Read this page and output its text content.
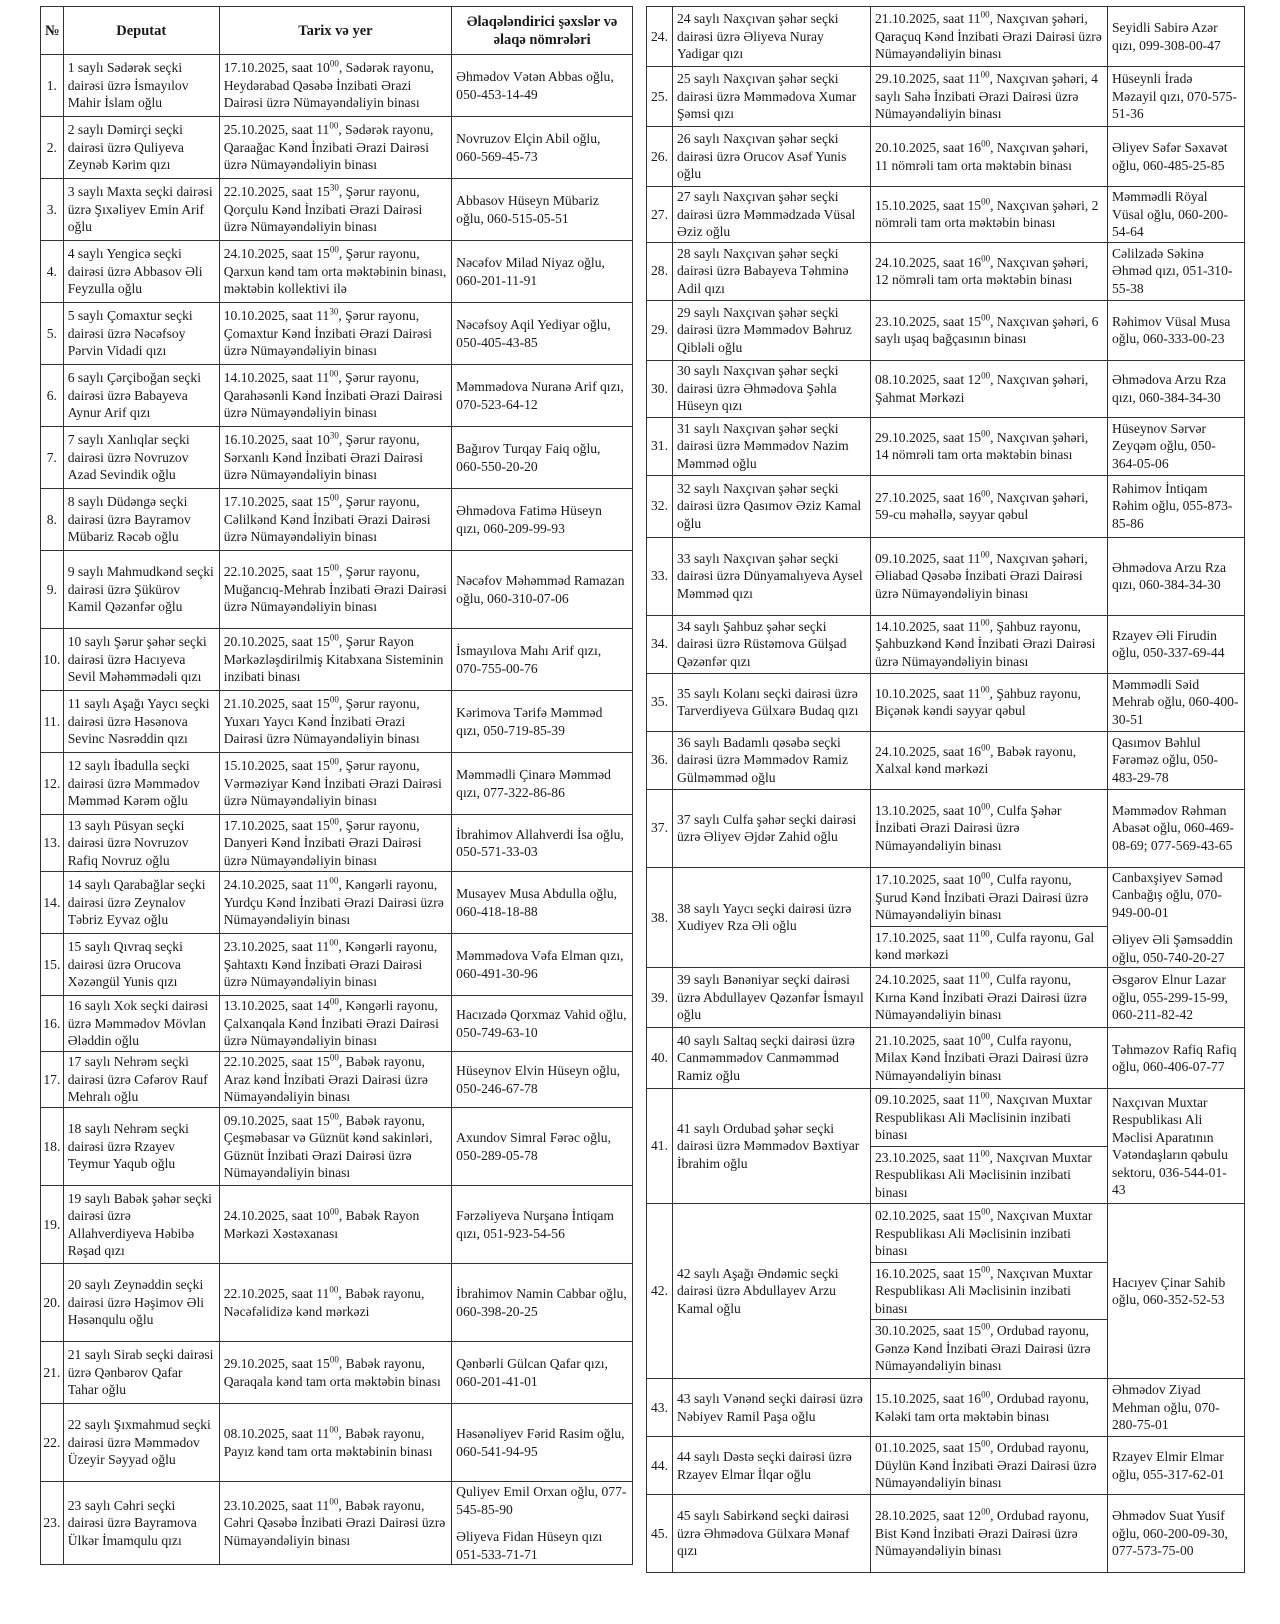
№	Deputat	Tarix və yer	Əlaqələndirici şəxslər və əlaqə nömrələri
1.	1 saylı Sədərək seçki dairəsi üzrə İsmayılov Mahir İslam oğlu	17.10.2025, saat $10^{00}$, Sədərək rayonu, Heydərabad Qəsəbə İnzibati Ərazi Dairəsi üzrə Nümayəndəliyin binası	Əhmədov Vətən Abbas oğlu, 050-453-14-49

2.	2 saylı Dəmirçi seçki dairəsi üzrə Quliyeva Zeynəb Kərim qızı	25.10.2025, saat $11^{00}$, Sədərək rayonu, Qaraağac Kənd İnzibati Ərazi Dairəsi üzrə Nümayəndəliyin binası	Novruzov Elçin Abil oğlu, 060-569-45-73

3.	3 saylı Maxta seçki dairəsi üzrə Şıxəliyev Emin Arif oğlu	22.10.2025, saat $15^{30}$, Şərur rayonu, Qorçulu Kənd İnzibati Ərazi Dairəsi üzrə Nümayəndəliyin binası	Abbasov Hüseyn Mübariz oğlu, 060-515-05-51

4.	4 saylı Yengicə seçki dairəsi üzrə Abbasov Əli Feyzulla oğlu	24.10.2025, saat $15^{00}$, Şərur rayonu, Qarxun kənd tam orta məktəbinin binası, məktəbin kollektivi ilə	Nəcəfov Milad Niyaz oğlu, 060-201-11-91

5.	5 saylı Çomaxtur seçki dairəsi üzrə Nəcəfsoy Pərvin Vidadi qızı	10.10.2025, saat $11^{30}$, Şərur rayonu, Çomaxtur Kənd İnzibati Ərazi Dairəsi üzrə Nümayəndəliyin binası	Nəcəfsoy Aqil Yediyar oğlu, 050-405-43-85

6.	6 saylı Çərçiboğan seçki dairəsi üzrə Babayeva Aynur Arif qızı	14.10.2025, saat $11^{00}$, Şərur rayonu, Qarahəsənli Kənd İnzibati Ərazi Dairəsi üzrə Nümayəndəliyin binası	Məmmədova Nuranə Arif qızı, 070-523-64-12

7.	7 saylı Xanlıqlar seçki dairəsi üzrə Novruzov Azad Sevindik oğlu	16.10.2025, saat $10^{30}$, Şərur rayonu, Sərxanlı Kənd İnzibati Ərazi Dairəsi üzrə Nümayəndəliyin binası	Bağırov Turqay Faiq oğlu, 060-550-20-20

8.	8 saylı Düdəngə seçki dairəsi üzrə Bayramov Mübariz Rəcəb oğlu	17.10.2025, saat $15^{00}$, Şərur rayonu, Cəlilkənd Kənd İnzibati Ərazi Dairəsi üzrə Nümayəndəliyin binası	Əhmədova Fatimə Hüseyn qızı, 060-209-99-93

9.	9 saylı Mahmudkənd seçki dairəsi üzrə Şükürov Kamil Qəzənfər oğlu	22.10.2025, saat $15^{00}$, Şərur rayonu, Muğancıq-Mehrab İnzibati Ərazi Dairəsi üzrə Nümayəndəliyin binası	Nəcəfov Məhəmməd Ramazan oğlu, 060-310-07-06

10.	10 saylı Şərur şəhər seçki dairəsi üzrə Hacıyeva Sevil Məhəmmədəli qızı	20.10.2025, saat $15^{00}$, Şərur Rayon Mərkəzləşdirilmiş Kitabxana Sisteminin inzibati binası	İsmayılova Mahı Arif qızı, 070-755-00-76

11.	11 saylı Aşağı Yaycı seçki dairəsi üzrə Həsənova Sevinc Nəsrəddin qızı	21.10.2025, saat $15^{00}$, Şərur rayonu, Yuxarı Yaycı Kənd İnzibati Ərazi Dairəsi üzrə Nümayəndəliyin binası	Kərimova Tərifə Məmməd qızı, 050-719-85-39

12.	12 saylı İbadulla seçki dairəsi üzrə Məmmədov Məmməd Kərəm oğlu	15.10.2025, saat $15^{00}$, Şərur rayonu, Vərməziyar Kənd İnzibati Ərazi Dairəsi üzrə Nümayəndəliyin binası	Məmmədli Çinarə Məmməd qızı, 077-322-86-86

13.	13 saylı Püsyan seçki dairəsi üzrə Novruzov Rafiq Novruz oğlu	17.10.2025, saat $15^{00}$, Şərur rayonu, Danyeri Kənd İnzibati Ərazi Dairəsi üzrə Nümayəndəliyin binası	İbrahimov Allahverdi İsa oğlu, 050-571-33-03

14.	14 saylı Qarabağlar seçki dairəsi üzrə Zeynalov Təbriz Eyvaz oğlu	24.10.2025, saat $11^{00}$, Kəngərli rayonu, Yurdçu Kənd İnzibati Ərazi Dairəsi üzrə Nümayəndəliyin binası	Musayev Musa Abdulla oğlu, 060-418-18-88

15.	15 saylı Qıvraq seçki dairəsi üzrə Orucova Xəzəngül Yunis qızı	23.10.2025, saat $11^{00}$, Kəngərli rayonu, Şahtaxtı Kənd İnzibati Ərazi Dairəsi üzrə Nümayəndəliyin binası	Məmmədova Vəfa Elman qızı, 060-491-30-96

16.	16 saylı Xok seçki dairəsi üzrə Məmmədov Mövlan Ələddin oğlu	13.10.2025, saat $14^{00}$, Kəngərli rayonu, Çalxanqala Kənd İnzibati Ərazi Dairəsi üzrə Nümayəndəliyin binası	Hacızadə Qorxmaz Vahid oğlu, 050-749-63-10

17.	17 saylı Nehrəm seçki dairəsi üzrə Cəfərov Rauf Mehralı oğlu	22.10.2025, saat $15^{00}$, Babək rayonu, Araz kənd İnzibati Ərazi Dairəsi üzrə Nümayəndəliyin binası	Hüseynov Elvin Hüseyn oğlu, 050-246-67-78

18.	18 saylı Nehrəm seçki dairəsi üzrə Rzayev Teymur Yaqub oğlu	09.10.2025, saat $15^{00}$, Babək rayonu, Çeşməbasar və Güznüt kənd sakinləri, Güznüt İnzibati Ərazi Dairəsi üzrə Nümayəndəliyin binası	Axundov Simral Fərəc oğlu, 050-289-05-78

19.	19 saylı Babək şəhər seçki dairəsi üzrə Allahverdiyeva Həbibə Rəşad qızı	24.10.2025, saat $10^{00}$, Babək Rayon Mərkəzi Xəstəxanası	Fərzəliyeva Nurşanə İntiqam qızı, 051-923-54-56

20.	20 saylı Zeynəddin seçki dairəsi üzrə Həşimov Əli Həsənqulu oğlu	22.10.2025, saat $11^{00}$, Babək rayonu, Nəcəfəlidizə kənd mərkəzi	İbrahimov Namin Cabbar oğlu, 060-398-20-25

21.	21 saylı Sirab seçki dairəsi üzrə Qənbərov Qafar Tahar oğlu	29.10.2025, saat $15^{00}$, Babək rayonu, Qaraqala kənd tam orta məktəbin binası	Qənbərli Gülcan Qafar qızı, 060-201-41-01

22.	22 saylı Şıxmahmud seçki dairəsi üzrə Məmmədov Üzeyir Səyyad oğlu	08.10.2025, saat $11^{00}$, Babək rayonu, Payız kənd tam orta məktəbinin binası	Həsənəliyev Fərid Rasim oğlu, 060-541-94-95

23.	23 saylı Cəhri seçki dairəsi üzrə Bayramova Ülkər İmamqulu qızı	23.10.2025, saat $11^{00}$, Babək rayonu, Cəhri Qəsəbə İnzibati Ərazi Dairəsi üzrə Nümayəndəliyin binası	Quliyev Emil Orxan oğlu, 077-545-85-90
Əliyeva Fidan Hüseyn qızı 051-533-71-71
24.	24 saylı Naxçıvan şəhər seçki dairəsi üzrə Əliyeva Nuray Yadigar qızı	21.10.2025, saat $11^{00}$, Naxçıvan şəhəri, Qaraçuq Kənd İnzibati Ərazi Dairəsi üzrə Nümayəndəliyin binası	Seyidli Sabirə Azər qızı, 099-308-00-47

25.	25 saylı Naxçıvan şəhər seçki dairəsi üzrə Məmmədova Xumar Şəmsi qızı	29.10.2025, saat $11^{00}$, Naxçıvan şəhəri, 4 saylı Sahə İnzibati Ərazi Dairəsi üzrə Nümayəndəliyin binası	Hüseynli İradə Məzayil qızı, 070-575-51-36

26.	26 saylı Naxçıvan şəhər seçki dairəsi üzrə Orucov Asəf Yunis oğlu	20.10.2025, saat $16^{00}$, Naxçıvan şəhəri, 11 nömrəli tam orta məktəbin binası	Əliyev Səfər Səxavət oğlu, 060-485-25-85

27.	27 saylı Naxçıvan şəhər seçki dairəsi üzrə Məmmədzadə Vüsal Əziz oğlu	15.10.2025, saat $15^{00}$, Naxçıvan şəhəri, 2 nömrəli tam orta məktəbin binası	Məmmədli Röyal Vüsal oğlu, 060-200-54-64

28.	28 saylı Naxçıvan şəhər seçki dairəsi üzrə Babayeva Təhminə Adil qızı	24.10.2025, saat $16^{00}$, Naxçıvan şəhəri, 12 nömrəli tam orta məktəbin binası	Cəlilzadə Səkinə Əhməd qızı, 051-310-55-38

29.	29 saylı Naxçıvan şəhər seçki dairəsi üzrə Məmmədov Bəhruz Qibləli oğlu	23.10.2025, saat $15^{00}$, Naxçıvan şəhəri, 6 saylı uşaq bağçasının binası	Rəhimov Vüsal Musa oğlu, 060-333-00-23

30.	30 saylı Naxçıvan şəhər seçki dairəsi üzrə Əhmədova Şəhla Hüseyn qızı	08.10.2025, saat $12^{00}$, Naxçıvan şəhəri, Şahmat Mərkəzi	Əhmədova Arzu Rza qızı, 060-384-34-30

31.	31 saylı Naxçıvan şəhər seçki dairəsi üzrə Məmmədov Nazim Məmməd oğlu	29.10.2025, saat $15^{00}$, Naxçıvan şəhəri, 14 nömrəli tam orta məktəbin binası	Hüseynov Sərvər Zeyqəm oğlu, 050-364-05-06

32.	32 saylı Naxçıvan şəhər seçki dairəsi üzrə Qasımov Əziz Kamal oğlu	27.10.2025, saat $16^{00}$, Naxçıvan şəhəri, 59-cu məhəllə, səyyar qəbul	Rəhimov İntiqam Rəhim oğlu, 055-873-85-86

33.	33 saylı Naxçıvan şəhər seçki dairəsi üzrə Dünyamalıyeva Aysel Məmməd qızı	09.10.2025, saat $11^{00}$, Naxçıvan şəhəri, Əliabad Qəsəbə İnzibati Ərazi Dairəsi üzrə Nümayəndəliyin binası	Əhmədova Arzu Rza qızı, 060-384-34-30

34.	34 saylı Şahbuz şəhər seçki dairəsi üzrə Rüstəmova Gülşad Qəzənfər qızı	14.10.2025, saat $11^{00}$, Şahbuz rayonu, Şahbuzkənd Kənd İnzibati Ərazi Dairəsi üzrə Nümayəndəliyin binası	Rzayev Əli Firudin oğlu, 050-337-69-44

35.	35 saylı Kolanı seçki dairəsi üzrə Tarverdiyeva Gülxarə Budaq qızı	10.10.2025, saat $11^{00}$, Şahbuz rayonu, Biçənək kəndi səyyar qəbul	Məmmədli Səid Mehrab oğlu, 060-400-30-51

36.	36 saylı Badamlı qəsəbə seçki dairəsi üzrə Məmmədov Ramiz Gülməmməd oğlu	24.10.2025, saat $16^{00}$, Babək rayonu, Xalxal kənd mərkəzi	Qasımov Bəhlul Fərəməz oğlu, 050-483-29-78

37.	37 saylı Culfa şəhər seçki dairəsi üzrə Əliyev Əjdər Zahid oğlu	13.10.2025, saat $10^{00}$, Culfa Şəhər İnzibati Ərazi Dairəsi üzrə Nümayəndəliyin binası	Məmmədov Rəhman Abasət oğlu, 060-469-08-69; 077-569-43-65

38.	38 saylı Yaycı seçki dairəsi üzrə Xudiyev Rza Əli oğlu	17.10.2025, saat $10^{00}$, Culfa rayonu, Şurud Kənd İnzibati Ərazi Dairəsi üzrə Nümayəndəliyin binası
17.10.2025, saat $11^{00}$, Culfa rayonu, Gal kənd mərkəzi	Canbaxşiyev Səməd Canbağış oğlu, 070-949-00-01
Əliyev Əli Şəmsəddin oğlu, 050-740-20-27

39.	39 saylı Bənəniyar seçki dairəsi üzrə Abdullayev Qəzənfər İsmayıl oğlu	24.10.2025, saat $11^{00}$, Culfa rayonu, Kırna Kənd İnzibati Ərazi Dairəsi üzrə Nümayəndəliyin binası	Əsgərov Elnur Lazar oğlu, 055-299-15-99, 060-211-82-42

40.	40 saylı Saltaq seçki dairəsi üzrə Canməmmədov Canməmməd Ramiz oğlu	21.10.2025, saat $10^{00}$, Culfa rayonu, Milax Kənd İnzibati Ərazi Dairəsi üzrə Nümayəndəliyin binası	Təhməzov Rafiq Rafiq oğlu, 060-406-07-77

41.	41 saylı Ordubad şəhər seçki dairəsi üzrə Məmmədov Bəxtiyar İbrahim oğlu	09.10.2025, saat $11^{00}$, Naxçıvan Muxtar Respublikası Ali Məclisinin inzibati binası
23.10.2025, saat $11^{00}$, Naxçıvan Muxtar Respublikası Ali Məclisinin inzibati binası	Naxçıvan Muxtar Respublikası Ali Məclisi Aparatının Vətəndaşların qəbulu sektoru, 036-544-01-43

42.	42 saylı Aşağı Əndəmic seçki dairəsi üzrə Abdullayev Arzu Kamal oğlu	02.10.2025, saat $15^{00}$, Naxçıvan Muxtar Respublikası Ali Məclisinin inzibati binası
16.10.2025, saat $15^{00}$, Naxçıvan Muxtar Respublikası Ali Məclisinin inzibati binası
30.10.2025, saat $15^{00}$, Ordubad rayonu, Gənzə Kənd İnzibati Ərazi Dairəsi üzrə Nümayəndəliyin binası	Hacıyev Çinar Sahib oğlu, 060-352-52-53

43.	43 saylı Vənənd seçki dairəsi üzrə Nəbiyev Ramil Paşa oğlu	15.10.2025, saat $16^{00}$, Ordubad rayonu, Kələki tam orta məktəbin binası	Əhmədov Ziyad Mehman oğlu, 070-280-75-01

44.	44 saylı Dəstə seçki dairəsi üzrə Rzayev Elmar İlqar oğlu	01.10.2025, saat $15^{00}$, Ordubad rayonu, Düylün Kənd İnzibati Ərazi Dairəsi üzrə Nümayəndəliyin binası	Rzayev Elmir Elmar oğlu, 055-317-62-01

45.	45 saylı Sabirkənd seçki dairəsi üzrə Əhmədova Gülxarə Mənaf qızı	28.10.2025, saat $12^{00}$, Ordubad rayonu, Bist Kənd İnzibati Ərazi Dairəsi üzrə Nümayəndəliyin binası	Əhmədov Suat Yusif oğlu, 060-200-09-30, 077-573-75-00
